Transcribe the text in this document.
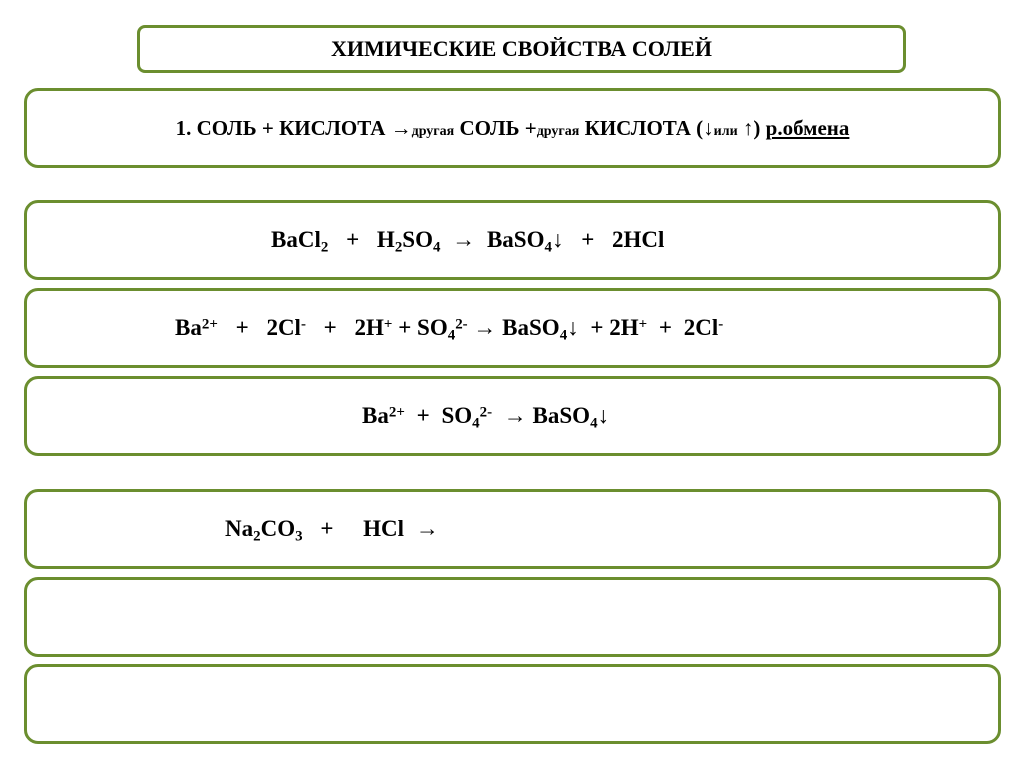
ХИМИЧЕСКИЕ СВОЙСТВА СОЛЕЙ
1. СОЛЬ + КИСЛОТА →другая СОЛЬ +другая КИСЛОТА (↓или ↑) р.обмена
BaCl$_2$ + $H_2SO_4$ → BaSO$_4$↓ + 2HCl
$Ba^{2+} + 2Cl^- + 2H^+ + SO_4^{2-}$ → BaSO$_4$↓ + 2H+ + 2Cl-
$Ba^{2+} + SO_4^{2-}$ → BaSO$_4$↓
$Na_2CO_3$ + HCl →
